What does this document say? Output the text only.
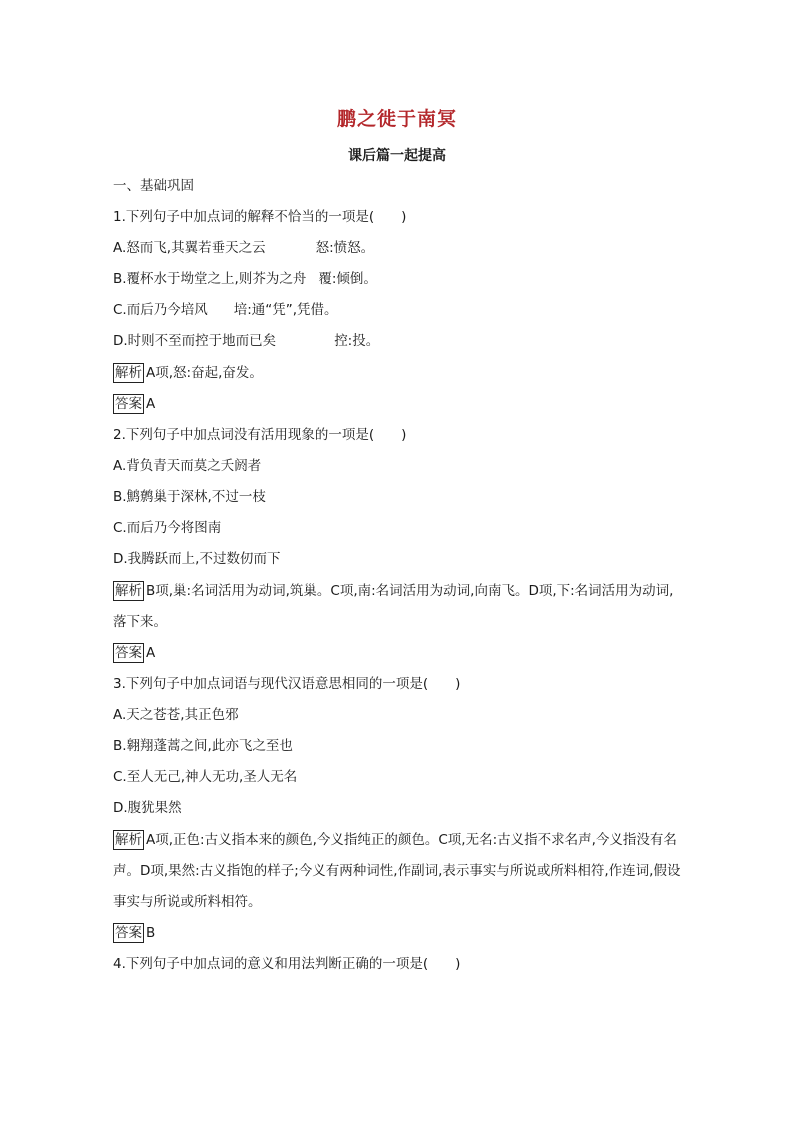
鹏之徙于南冥
课后篇一起提高
一、基础巩固
1.下列句子中加点词的解释不恰当的一项是(　　)
A.怒而飞,其翼若垂天之云	怒:愤怒。
B.覆杯水于坳堂之上,则芥为之舟 覆:倾倒。
C.而后乃今培风 培:通“凭”,凭借。
D.时则不至而控于地而已矣	控:投。
解析 A项,怒:奋起,奋发。
答案 A
2.下列句子中加点词没有活用现象的一项是(　　)
A.背负青天而莫之夭阏者
B.鹪鹩巢于深林,不过一枝
C.而后乃今将图南
D.我腾跃而上,不过数仞而下
解析 B项,巢:名词活用为动词,筑巢。C项,南:名词活用为动词,向南飞。D项,下:名词活用为动词,落下来。
答案 A
3.下列句子中加点词语与现代汉语意思相同的一项是(　　)
A.天之苍苍,其正色邪
B.翱翔蓬蒿之间,此亦飞之至也
C.至人无己,神人无功,圣人无名
D.腹犹果然
解析 A项,正色:古义指本来的颜色,今义指纯正的颜色。C项,无名:古义指不求名声,今义指没有名声。D项,果然:古义指饱的样子;今义有两种词性,作副词,表示事实与所说或所料相符,作连词,假设事实与所说或所料相符。
答案 B
4.下列句子中加点词的意义和用法判断正确的一项是(　　)
